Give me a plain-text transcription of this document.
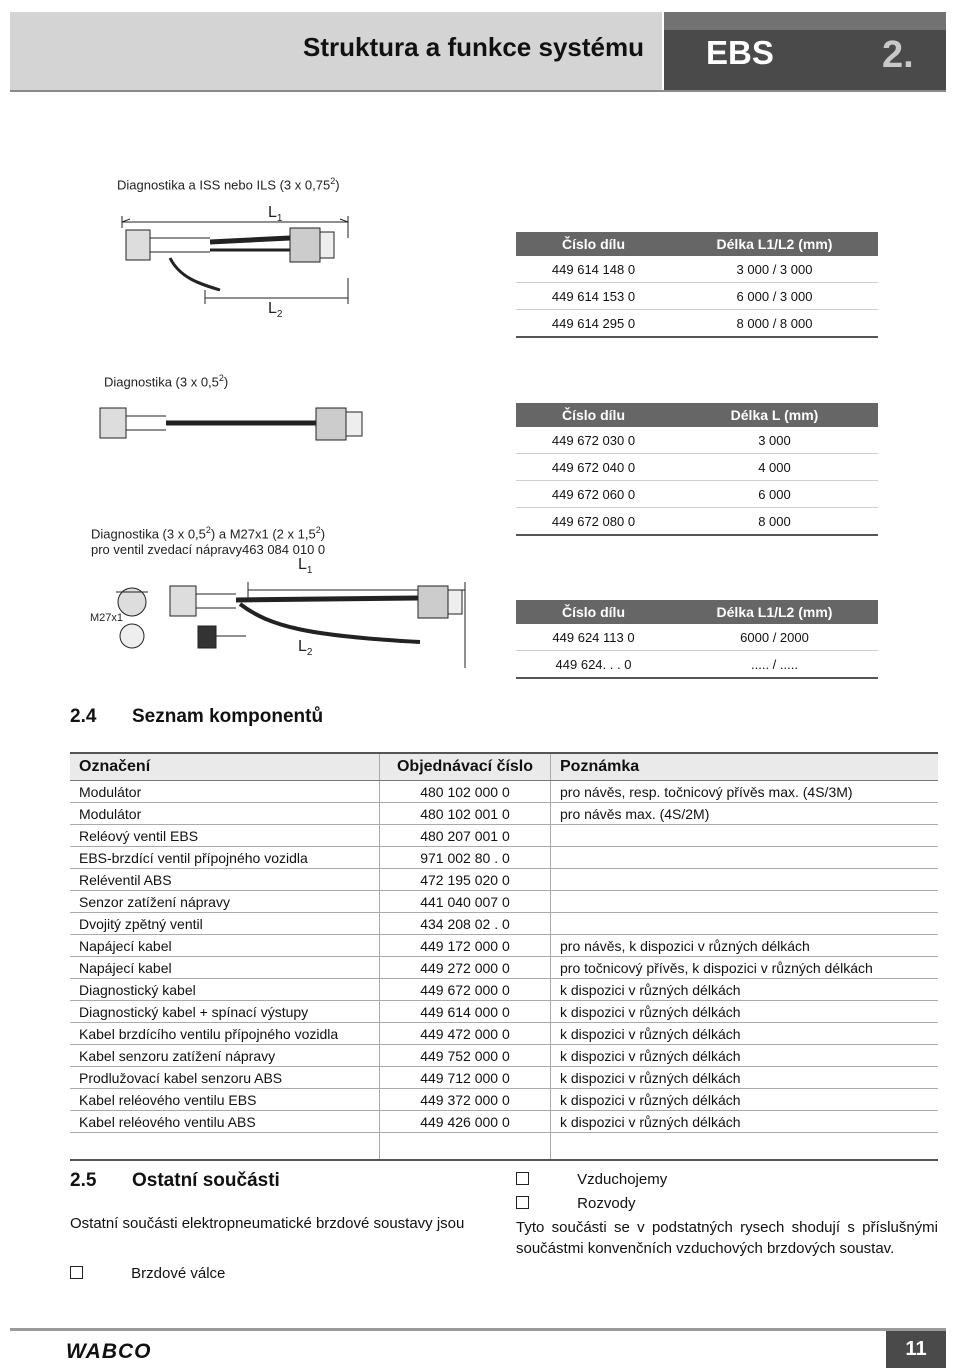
Struktura a funkce systému EBS	2.
Diagnostika a ISS nebo ILS (3 x 0,75$^2$)
$L_1$
$L_2$
Číslo dílu	Délka L1/L2 (mm)
449 614 148 0	3 000 / 3 000
449 614 153 0	6 000 / 3 000
449 614 295 0	8 000 / 8 000
Diagnostika (3 x $0,5^2$)
Číslo dílu	Délka L (mm)
449 672 030 0	3 000
449 672 040 0	4 000
449 672 060 0	6 000
449 672 080 0	8 000
Diagnostika (3 x $0,5^2$) a M27x1 (2 x $1,5^2$)
pro ventil zvedací nápravy463 084 010 0
$L_1$
$L_2$
M27x1	Číslo dílu	Délka L1/L2 (mm)
449 624 113 0	6000 / 2000
449 624. . . 0	..... / .....
2.4 Seznam komponentů
Označení	Objednávací číslo	Poznámka
Modulátor	480 102 000 0	pro návěs, resp. točnicový přívěs max. (4S/3M)
Modulátor	480 102 001 0	pro návěs max. (4S/2M)
Reléový ventil EBS	480 207 001 0	
EBS-brzdící ventil přípojného vozidla	971 002 80 . 0	
Reléventil ABS	472 195 020 0	
Senzor zatížení nápravy	441 040 007 0	
Dvojitý zpětný ventil	434 208 02 . 0	
Napájecí kabel	449 172 000 0	pro návěs, k dispozici v různých délkách
Napájecí kabel	449 272 000 0	pro točnicový přívěs, k dispozici v různých délkách
Diagnostický kabel	449 672 000 0	k dispozici v různých délkách
Diagnostický kabel + spínací výstupy	449 614 000 0	k dispozici v různých délkách
Kabel brzdícího ventilu přípojného vozidla	449 472 000 0	k dispozici v různých délkách
Kabel senzoru zatížení nápravy	449 752 000 0	k dispozici v různých délkách
Prodlužovací kabel senzoru ABS	449 712 000 0	k dispozici v různých délkách
Kabel reléového ventilu EBS	449 372 000 0	k dispozici v různých délkách
Kabel reléového ventilu ABS	449 426 000 0	k dispozici v různých délkách

2.5 Ostatní součásti
Ostatní součásti elektropneumatické brzdové soustavy jsou
Brzdové válce
Vzduchojemy
Rozvody
Tyto součásti se v podstatných rysech shodují s příslušnými součástmi konvenčních vzduchových brzdových soustav.
WABCO	11
